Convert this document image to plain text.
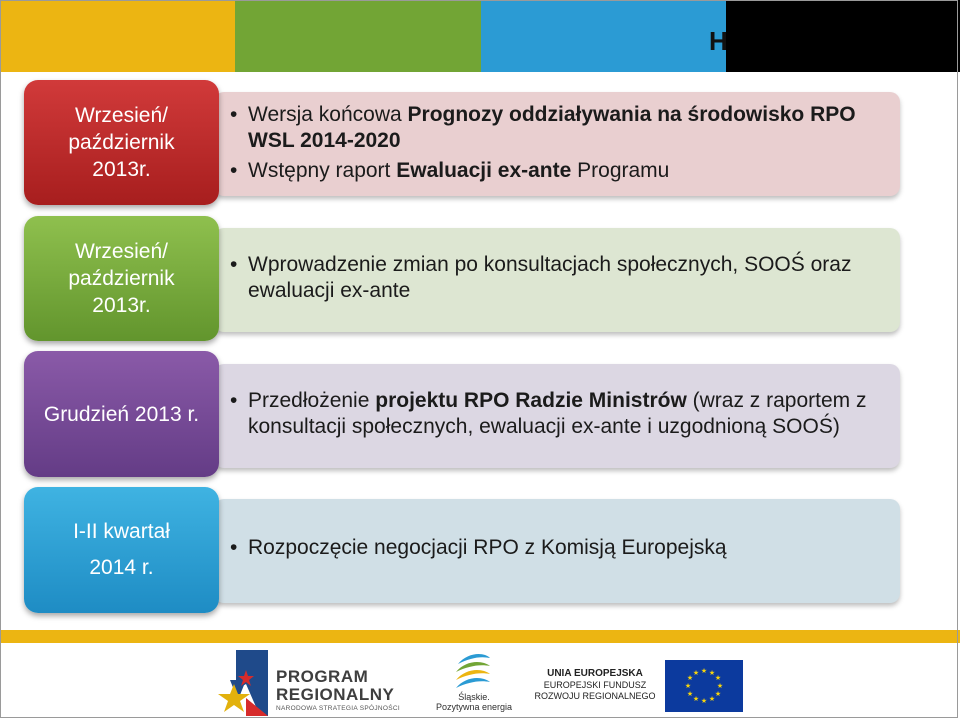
H
• Wersja końcowa Prognozy oddziaływania na środowisko RPO WSL 2014-2020
• Wstępny raport Ewaluacji ex-ante Programu
Wrzesień/
październik
2013r.
• Wprowadzenie zmian po konsultacjach społecznych, SOOŚ oraz ewaluacji ex-ante
Wrzesień/
październik
2013r.
• Przedłożenie projektu RPO Radzie Ministrów (wraz z raportem z konsultacji społecznych, ewaluacji ex-ante i uzgodnioną SOOŚ)
Grudzień 2013 r.
• Rozpoczęcie negocjacji RPO z Komisją Europejską
I-II kwartał
2014 r.
PROGRAM
REGIONALNY
NARODOWA STRATEGIA SPÓJNOŚCI
Śląskie.
Pozytywna energia
UNIA EUROPEJSKA
EUROPEJSKI FUNDUSZ
ROZWOJU REGIONALNEGO
★ ★
★
★
★
★
★
★
★
★
★
★
